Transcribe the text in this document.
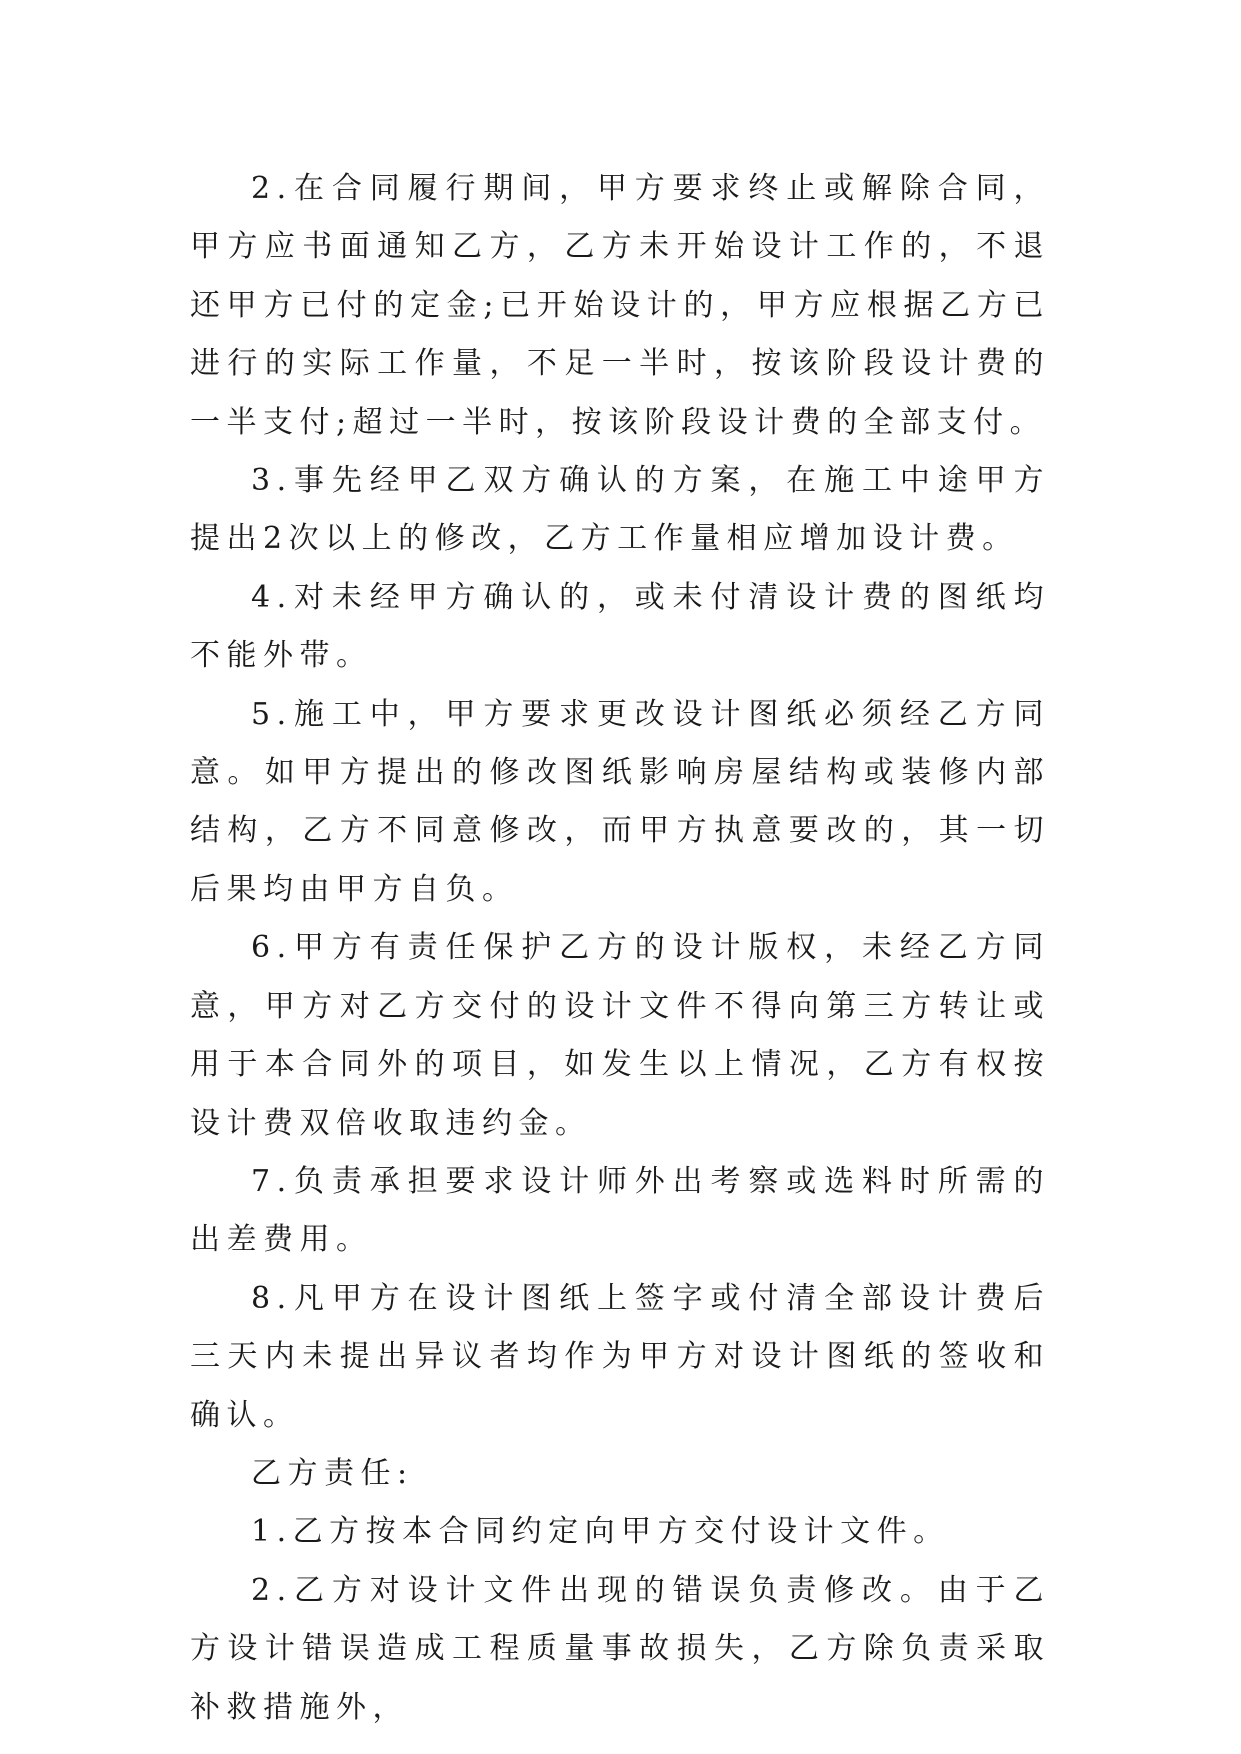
2.在合同履行期间，甲方要求终止或解除合同，甲方应书面通知乙方，乙方未开始设计工作的，不退还甲方已付的定金;已开始设计的，甲方应根据乙方已进行的实际工作量，不足一半时，按该阶段设计费的一半支付;超过一半时，按该阶段设计费的全部支付。

3.事先经甲乙双方确认的方案，在施工中途甲方提出2次以上的修改，乙方工作量相应增加设计费。

4.对未经甲方确认的，或未付清设计费的图纸均不能外带。

5.施工中，甲方要求更改设计图纸必须经乙方同意。如甲方提出的修改图纸影响房屋结构或装修内部结构，乙方不同意修改，而甲方执意要改的，其一切后果均由甲方自负。

6.甲方有责任保护乙方的设计版权，未经乙方同意，甲方对乙方交付的设计文件不得向第三方转让或用于本合同外的项目，如发生以上情况，乙方有权按设计费双倍收取违约金。

7.负责承担要求设计师外出考察或选料时所需的出差费用。

8.凡甲方在设计图纸上签字或付清全部设计费后三天内未提出异议者均作为甲方对设计图纸的签收和确认。

乙方责任:

1.乙方按本合同约定向甲方交付设计文件。

2.乙方对设计文件出现的错误负责修改。由于乙方设计错误造成工程质量事故损失，乙方除负责采取补救措施外，
